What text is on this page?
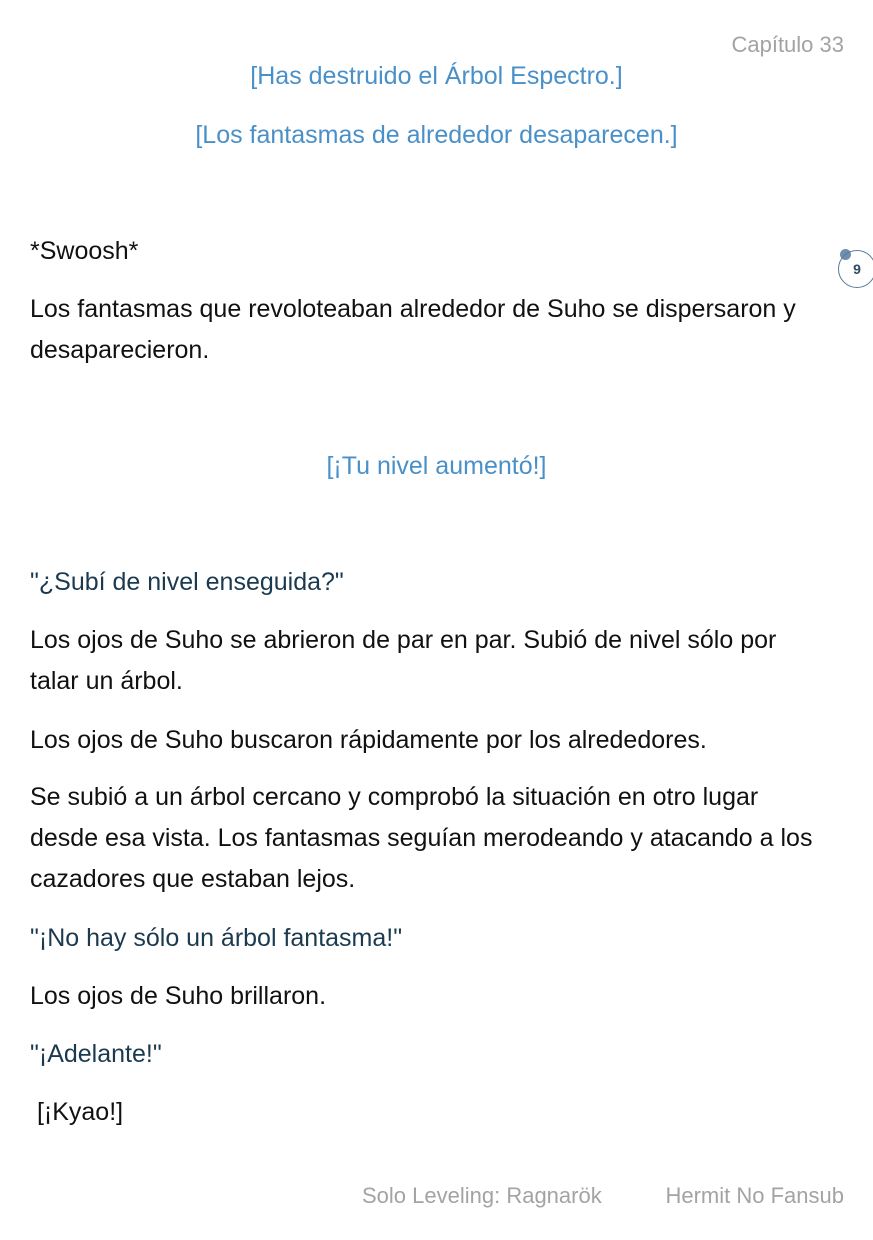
Capítulo 33
[Has destruido el Árbol Espectro.]
[Los fantasmas de alrededor desaparecen.]
*Swoosh*
9
Los fantasmas que revoloteaban alrededor de Suho se dispersaron y desaparecieron.
[¡Tu nivel aumentó!]
"¿Subí de nivel enseguida?"
Los ojos de Suho se abrieron de par en par. Subió de nivel sólo por talar un árbol.
Los ojos de Suho buscaron rápidamente por los alrededores.
Se subió a un árbol cercano y comprobó la situación en otro lugar desde esa vista. Los fantasmas seguían merodeando y atacando a los cazadores que estaban lejos.
"¡No hay sólo un árbol fantasma!"
Los ojos de Suho brillaron.
"¡Adelante!"
[¡Kyao!]
Solo Leveling: Ragnarök	Hermit No Fansub
